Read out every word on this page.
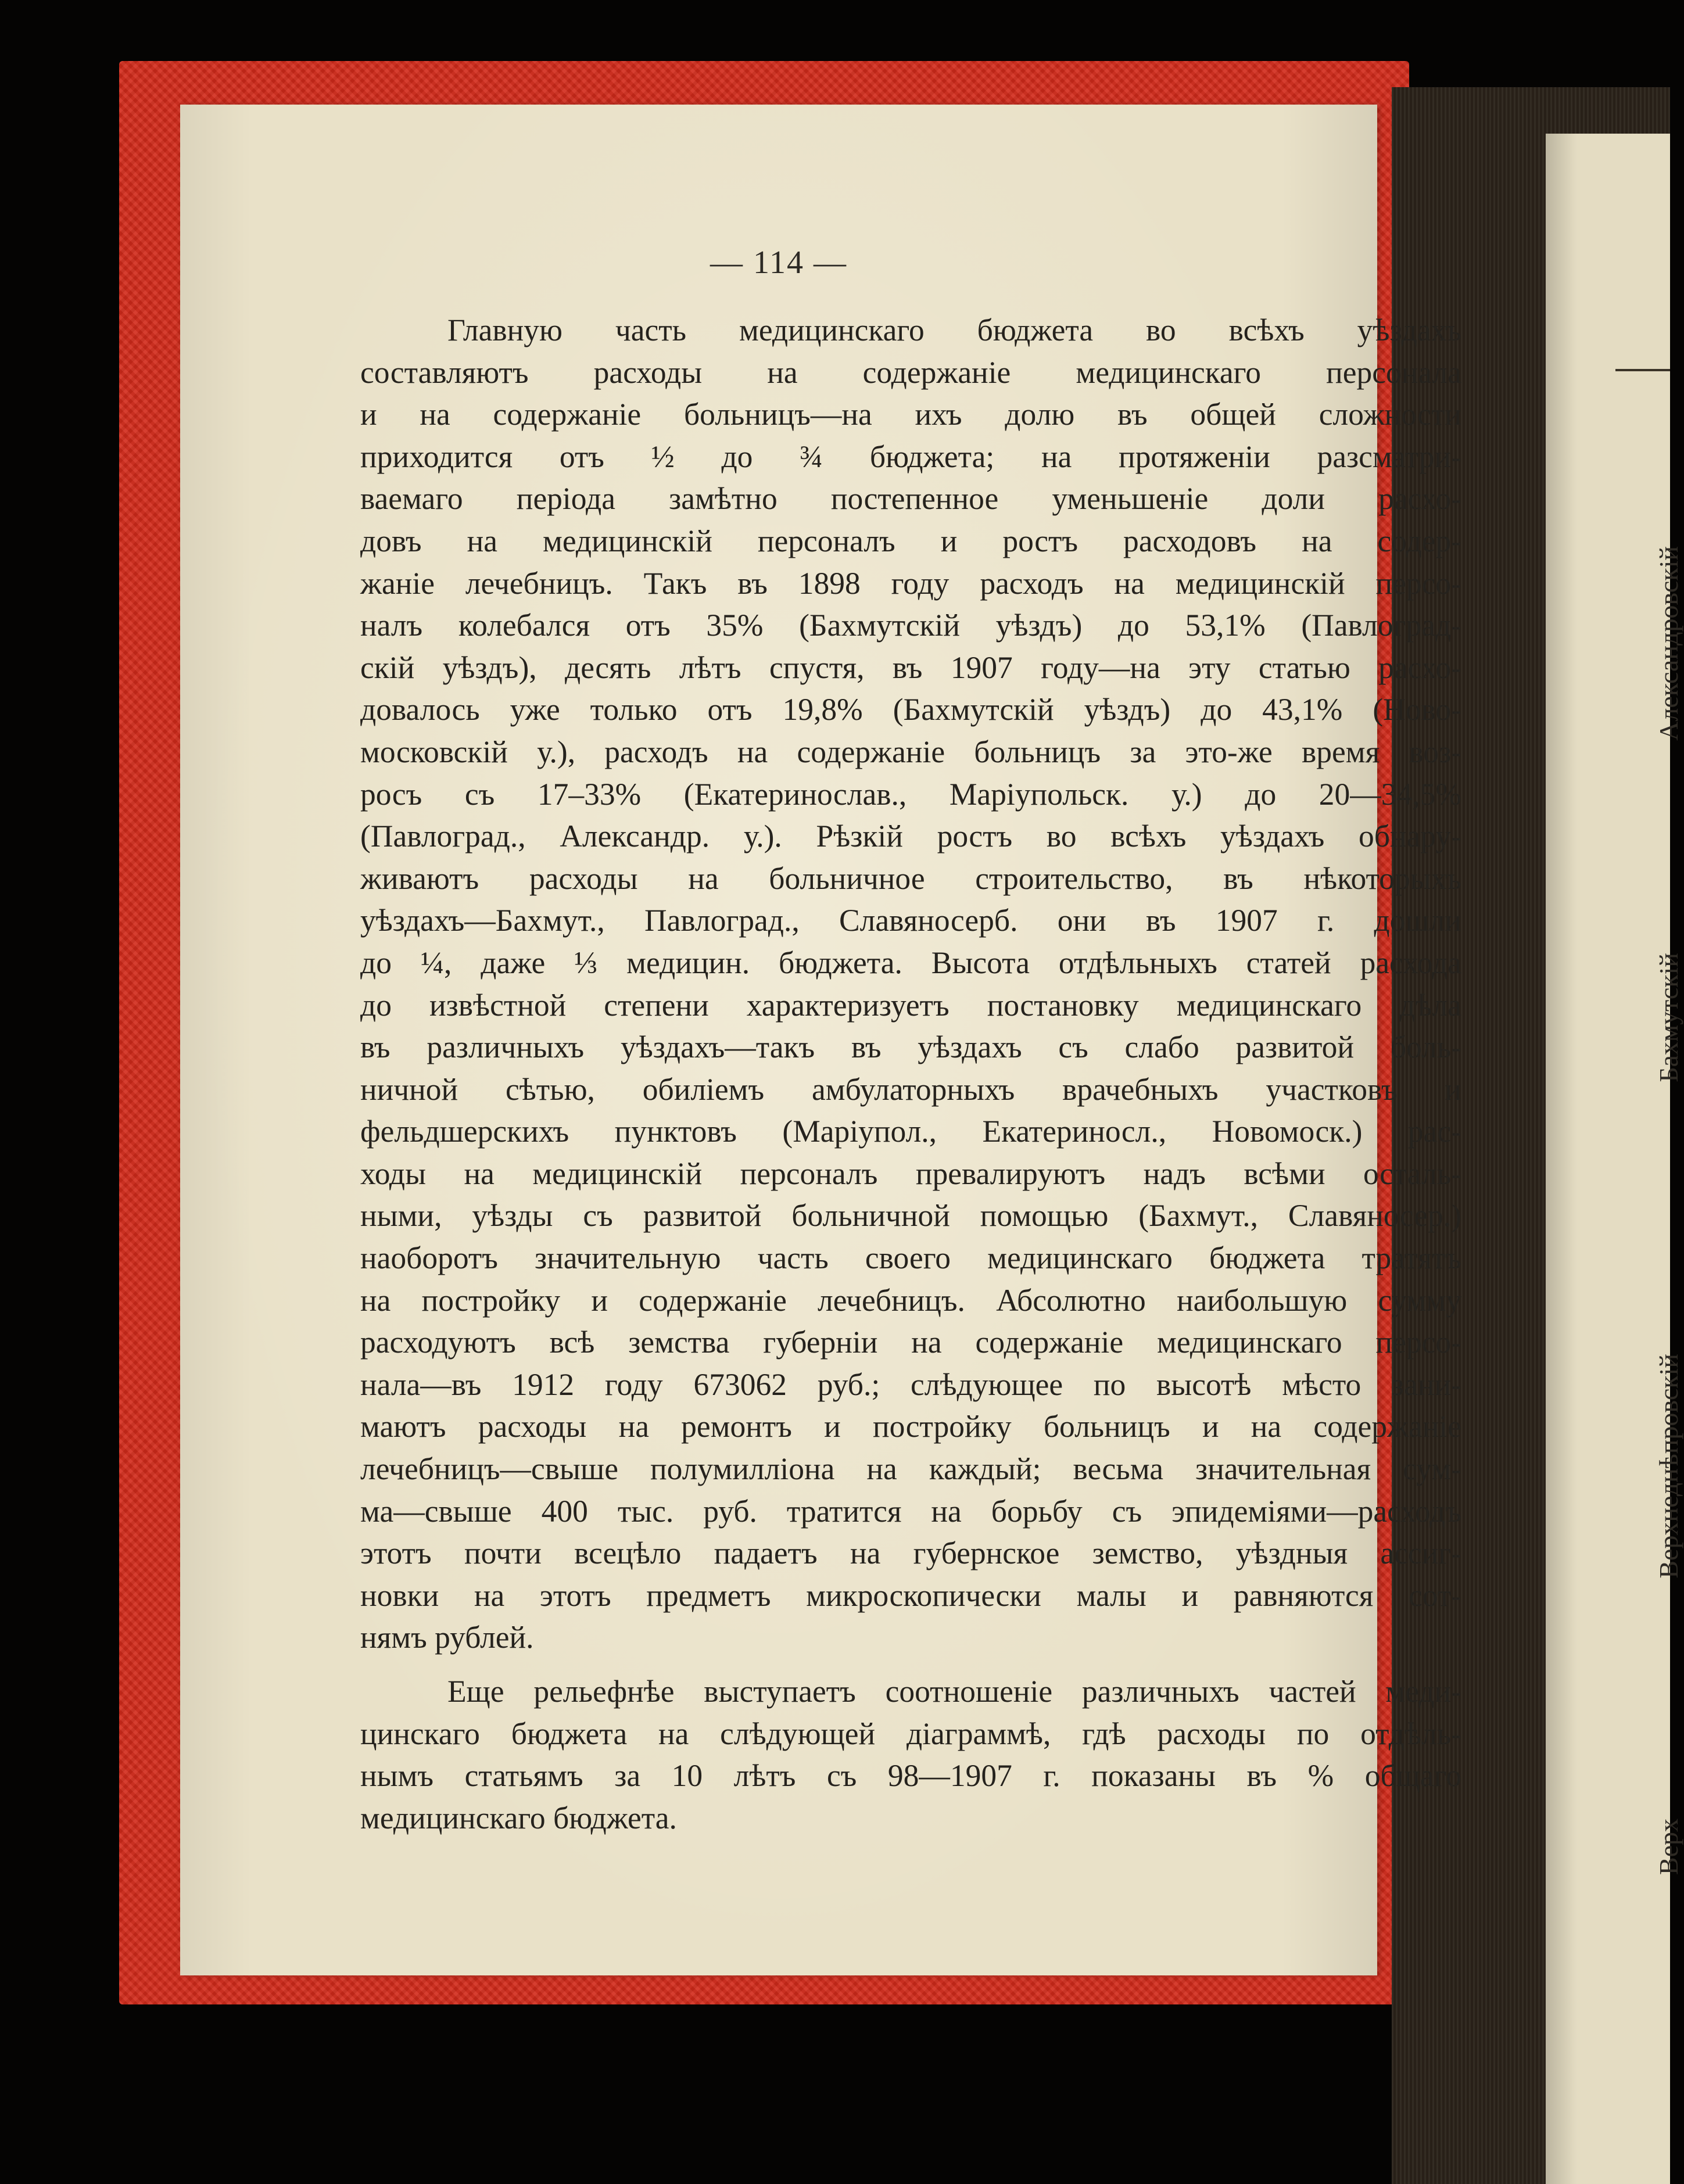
Александровскій
Бахмутскій
Верхнеднѣпровскій
Верх
— 114 —
Главную часть медицинскаго бюджета во всѣхъ уѣздахъ
составляютъ расходы на содержаніе медицинскаго персонала
и на содержаніе больницъ—на ихъ долю въ общей сложности
приходится отъ ½ до ¾ бюджета; на протяженіи разсматри-
ваемаго періода замѣтно постепенное уменьшеніе доли расхо-
довъ на медицинскій персоналъ и ростъ расходовъ на содер-
жаніе лечебницъ. Такъ въ 1898 году расходъ на медицинскій персо-
налъ колебался отъ 35% (Бахмутскій уѣздъ) до 53,1% (Павлоград-
скій уѣздъ), десять лѣтъ спустя, въ 1907 году—на эту статью расхо-
довалось уже только отъ 19,8% (Бахмутскій уѣздъ) до 43,1% (Ново-
московскій у.), расходъ на содержаніе больницъ за это-же время воз-
росъ съ 17–33% (Екатеринослав., Маріупольск. у.) до 20—34,5%
(Павлоград., Александр. у.). Рѣзкій ростъ во всѣхъ уѣздахъ обнару-
живаютъ расходы на больничное строительство, въ нѣкоторыхъ
уѣздахъ—Бахмут., Павлоград., Славяносерб. они въ 1907 г. дошли
до ¼, даже ⅓ медицин. бюджета. Высота отдѣльныхъ статей расхода
до извѣстной степени характеризуетъ постановку медицинскаго дѣла
въ различныхъ уѣздахъ—такъ въ уѣздахъ съ слабо развитой боль-
ничной сѣтью, обиліемъ амбулаторныхъ врачебныхъ участковъ и
фельдшерскихъ пунктовъ (Маріупол., Екатериносл., Новомоск.) рас-
ходы на медицинскій персоналъ превалируютъ надъ всѣми осталь-
ными, уѣзды съ развитой больничной помощью (Бахмут., Славяносер.)
наоборотъ значительную часть своего медицинскаго бюджета тратятъ
на постройку и содержаніе лечебницъ. Абсолютно наибольшую сумму
расходуютъ всѣ земства губерніи на содержаніе медицинскаго персо-
нала—въ 1912 году 673062 руб.; слѣдующее по высотѣ мѣсто зани-
маютъ расходы на ремонтъ и постройку больницъ и на содержаніе
лечебницъ—свыше полумилліона на каждый; весьма значительная сум-
ма—свыше 400 тыс. руб. тратится на борьбу съ эпидеміями—расходъ
этотъ почти всецѣло падаетъ на губернское земство, уѣздныя ассиг-
новки на этотъ предметъ микроскопически малы и равняются сот-
нямъ рублей.
Еще рельефнѣе выступаетъ соотношеніе различныхъ частей меди-
цинскаго бюджета на слѣдующей діаграммѣ, гдѣ расходы по отдѣль-
нымъ статьямъ за 10 лѣтъ съ 98—1907 г. показаны въ % общаго
медицинскаго бюджета.
